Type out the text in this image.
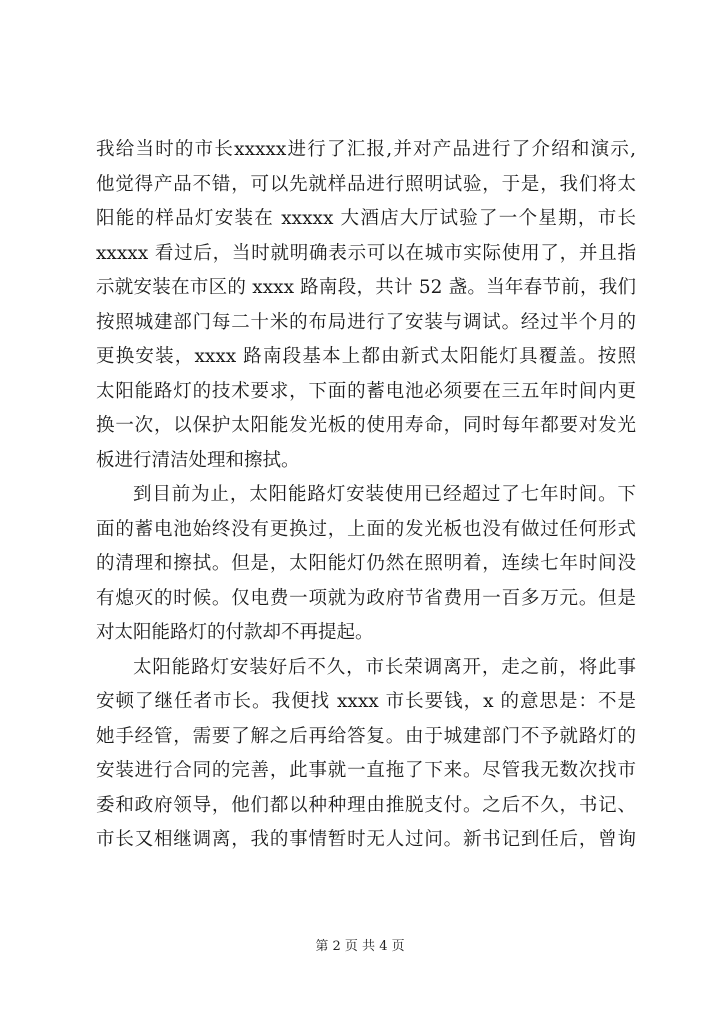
我给当时的市长xxxxx进行了汇报,并对产品进行了介绍和演示,
他觉得产品不错，可以先就样品进行照明试验，于是，我们将太
阳能的样品灯安装在 xxxxx 大酒店大厅试验了一个星期，市长
xxxxx 看过后，当时就明确表示可以在城市实际使用了，并且指
示就安装在市区的 xxxx 路南段，共计 52 盏。当年春节前，我们
按照城建部门每二十米的布局进行了安装与调试。经过半个月的
更换安装，xxxx 路南段基本上都由新式太阳能灯具覆盖。按照
太阳能路灯的技术要求，下面的蓄电池必须要在三五年时间内更
换一次，以保护太阳能发光板的使用寿命，同时每年都要对发光
板进行清洁处理和擦拭。
到目前为止，太阳能路灯安装使用已经超过了七年时间。下
面的蓄电池始终没有更换过，上面的发光板也没有做过任何形式
的清理和擦拭。但是，太阳能灯仍然在照明着，连续七年时间没
有熄灭的时候。仅电费一项就为政府节省费用一百多万元。但是
对太阳能路灯的付款却不再提起。
太阳能路灯安装好后不久，市长荣调离开，走之前，将此事
安顿了继任者市长。我便找 xxxx 市长要钱，x 的意思是：不是
她手经管，需要了解之后再给答复。由于城建部门不予就路灯的
安装进行合同的完善，此事就一直拖了下来。尽管我无数次找市
委和政府领导，他们都以种种理由推脱支付。之后不久，书记、
市长又相继调离，我的事情暂时无人过问。新书记到任后，曾询
第 2 页 共 4 页
